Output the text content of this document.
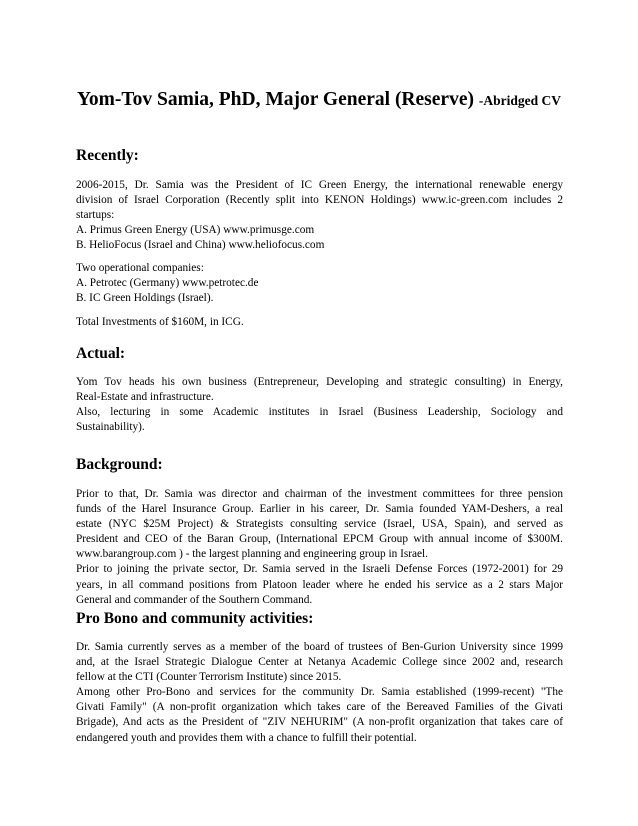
Yom-Tov Samia, PhD, Major General (Reserve) -Abridged CV
Recently:
2006-2015, Dr. Samia was the President of IC Green Energy, the international renewable energy
division of Israel Corporation (Recently split into KENON Holdings) www.ic-green.com includes 2
startups:
A. Primus Green Energy (USA) www.primusge.com
B. HelioFocus (Israel and China) www.heliofocus.com
Two operational companies:
A. Petrotec (Germany) www.petrotec.de
B. IC Green Holdings (Israel).
Total Investments of $160M, in ICG.
Actual:
Yom Tov heads his own business (Entrepreneur, Developing and strategic consulting) in Energy,
Real-Estate and infrastructure.
Also, lecturing in some Academic institutes in Israel (Business Leadership, Sociology and
Sustainability).
Background:
Prior to that, Dr. Samia was director and chairman of the investment committees for three pension
funds of the Harel Insurance Group. Earlier in his career, Dr. Samia founded YAM-Deshers, a real
estate (NYC $25M Project) & Strategists consulting service (Israel, USA, Spain), and served as
President and CEO of the Baran Group, (International EPCM Group with annual income of $300M.
www.barangroup.com ) - the largest planning and engineering group in Israel.
Prior to joining the private sector, Dr. Samia served in the Israeli Defense Forces (1972-2001) for 29
years, in all command positions from Platoon leader where he ended his service as a 2 stars Major
General and commander of the Southern Command.
Pro Bono and community activities:
Dr. Samia currently serves as a member of the board of trustees of Ben-Gurion University since 1999
and, at the Israel Strategic Dialogue Center at Netanya Academic College since 2002 and, research
fellow at the CTI (Counter Terrorism Institute) since 2015.
Among other Pro-Bono and services for the community Dr. Samia established (1999-recent) "The
Givati Family" (A non-profit organization which takes care of the Bereaved Families of the Givati
Brigade), And acts as the President of "ZIV NEHURIM" (A non-profit organization that takes care of
endangered youth and provides them with a chance to fulfill their potential.
